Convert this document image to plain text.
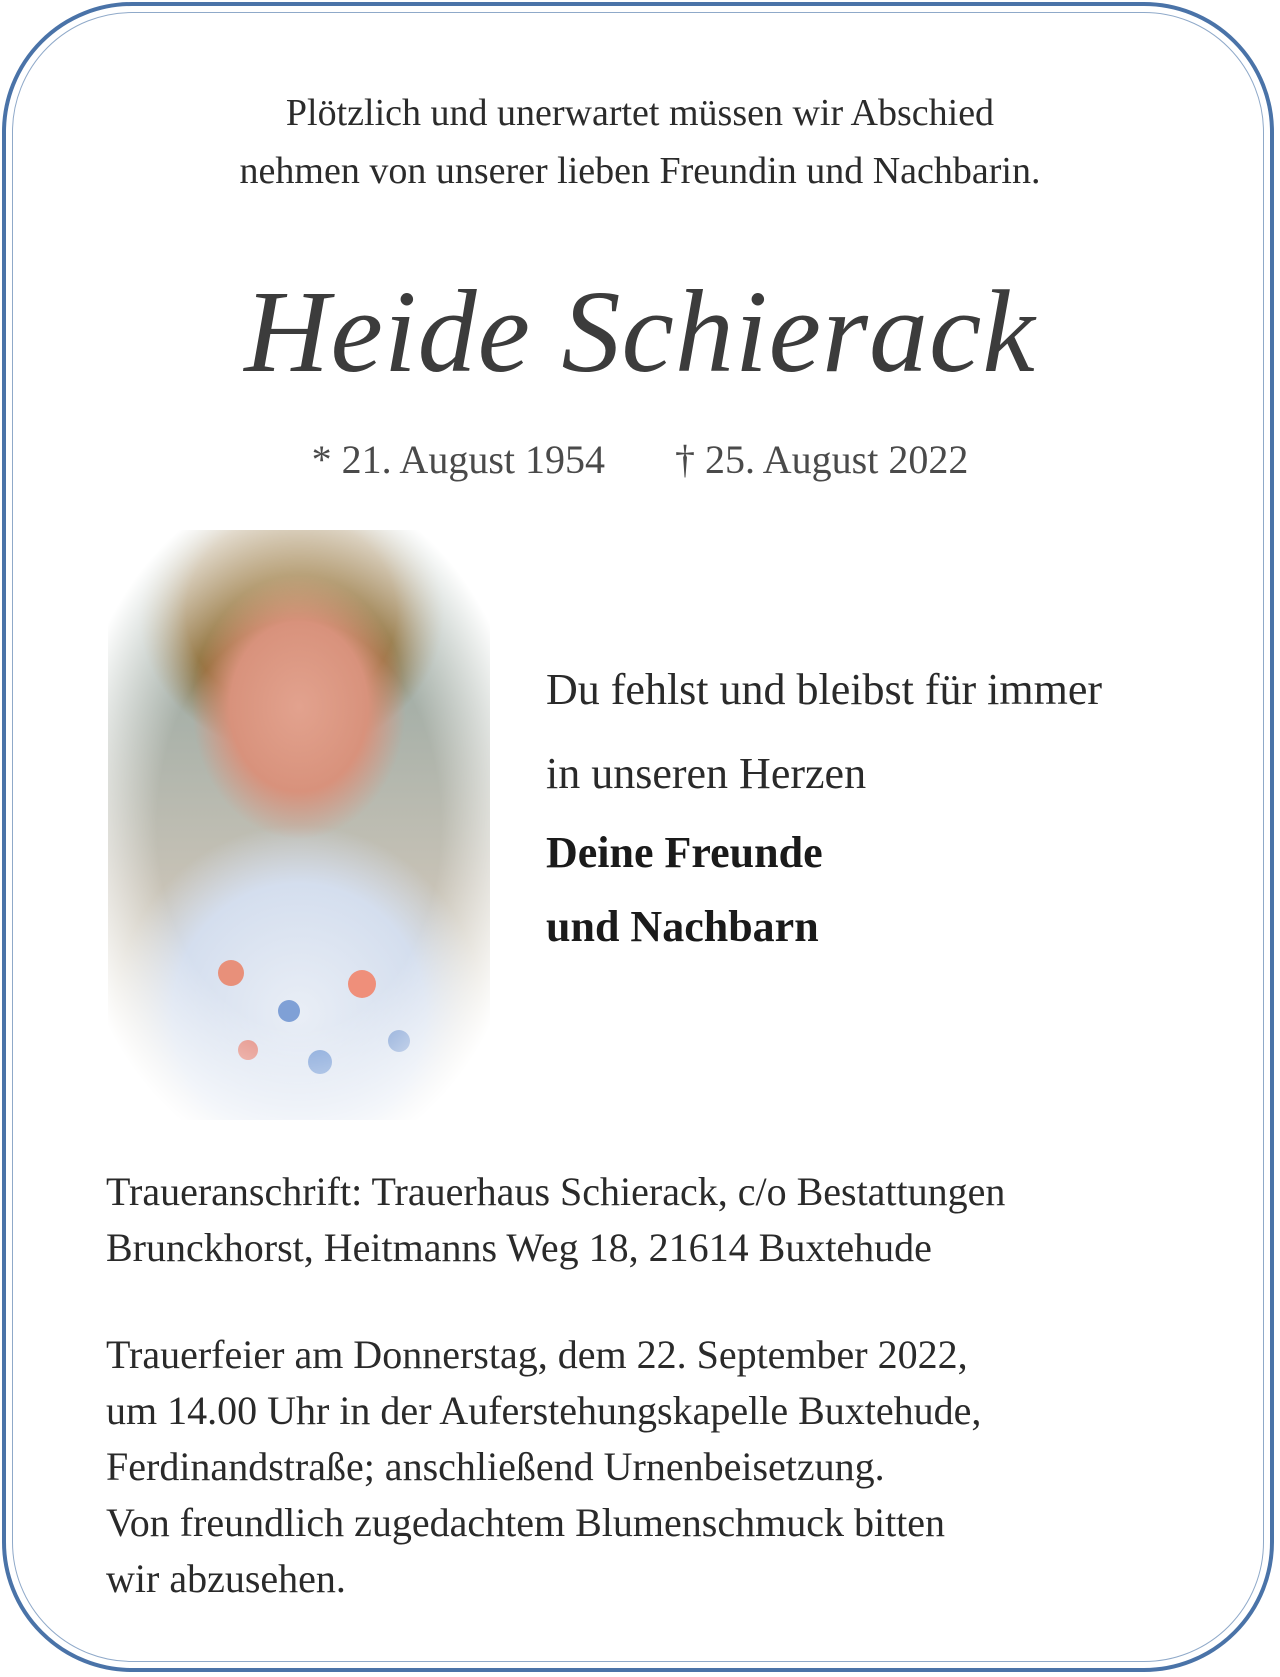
Plötzlich und unerwartet müssen wir Abschied
nehmen von unserer lieben Freundin und Nachbarin.
Heide Schierack
* 21. August 1954 † 25. August 2022
Du fehlst und bleibst für immer
in unseren Herzen
Deine Freunde
und Nachbarn
Traueranschrift: Trauerhaus Schierack, c/o Bestattungen
Brunckhorst, Heitmanns Weg 18, 21614 Buxtehude
Trauerfeier am Donnerstag, dem 22. September 2022,
um 14.00 Uhr in der Auferstehungskapelle Buxtehude,
Ferdinandstraße; anschließend Urnenbeisetzung.
Von freundlich zugedachtem Blumenschmuck bitten
wir abzusehen.
